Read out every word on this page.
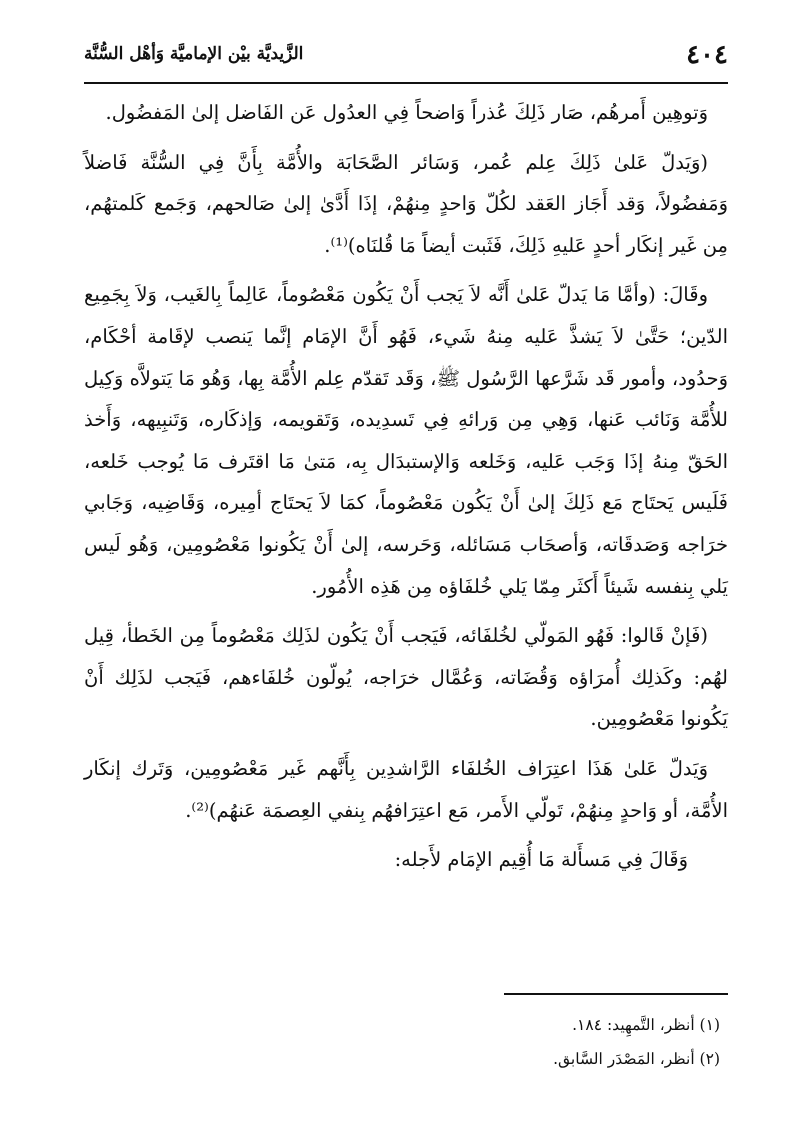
٤٠٤
الزَّيديَّة بيْن الإماميَّة وَأهْل السُّنَّة

وَتوهِين أَمرهُم، صَار ذَلِكَ عُذراً وَاضحاً فِي العدُول عَن الفَاضل إلىٰ المَفضُول.

(وَيَدلّ عَلىٰ ذَلِكَ عِلم عُمر، وَسَائر الصَّحَابَة والأُمَّة بِأَنَّ فِي السُّنَّة فَاضلاً وَمَفضُولاً، وَقد أَجَاز العَقد لكُلّ وَاحدٍ مِنهُمْ، إذَا أَدَّىٰ إلىٰ صَالحهم، وَجَمع كَلمتهُم، مِن غَير إنكَار أحدٍ عَليهِ ذَلِكَ، فَثَبت أيضاً مَا قُلنَاه)⁽¹⁾.

وقَالَ: (وأمَّا مَا يَدلّ عَلىٰ أَنَّه لاَ يَجب أَنْ يَكُون مَعْصُوماً، عَالِماً بِالغَيب، وَلاَ بِجَمِيع الدّين؛ حَتَّىٰ لاَ يَشذَّ عَليه مِنهُ شَيء، فَهُو أَنَّ الإمَام إنَّما يَنصب لإقَامة أحْكَام، وَحدُود، وأمور قَد شَرَّعها الرَّسُول ﷺ، وَقَد تَقدّم عِلم الأُمَّة بِها، وَهُو مَا يَتولاَّه وَكِيل للأُمَّة وَنَائب عَنها، وَهِي مِن وَرائهِ فِي تَسدِيده، وَتَقويمه، وَإذكَاره، وَتَنبِيهه، وَأَخذ الحَقّ مِنهُ إذَا وَجَب عَليه، وَخَلعه وَالإستبدَال بِه، مَتىٰ مَا اقتَرف مَا يُوجب خَلعه، فَلَيس يَحتَاج مَع ذَلِكَ إلىٰ أَنْ يَكُون مَعْصُوماً، كمَا لاَ يَحتَاج أمِيره، وَقَاضِيه، وَجَابي خرَاجه وَصَدقَاته، وَأصحَاب مَسَائله، وَحَرسه، إلىٰ أَنْ يَكُونوا مَعْصُومِين، وَهُو لَيس يَلي بِنفسه شَيئاً أَكثَر مِمّا يَلي خُلفَاؤه مِن هَذِه الأُمُور.

(فَإنْ قَالوا: فَهُو المَولّي لخُلفَائه، فَيَجب أَنْ يَكُون لذَلِك مَعْصُوماً مِن الخَطأ، قِيل لهُم: وكَذلِك أُمرَاؤه وَقُضَاته، وَعُمَّال خرَاجه، يُولّون خُلفَاءهم، فَيَجب لذَلِك أَنْ يَكُونوا مَعْصُومِين.

وَيَدلّ عَلىٰ هَذَا اعتِرَاف الخُلفَاء الرَّاشدِين بِأَنَّهم غَير مَعْصُومِين، وَتَرك إنكَار الأُمَّة، أو وَاحدٍ مِنهُمْ، تَولّي الأَمر، مَع اعتِرَافهُم بِنفي العِصمَة عَنهُم)⁽²⁾.

وَقَالَ فِي مَسأَلة مَا أُقِيم الإمَام لأَجله:

(١) أنظر، التَّمهِيد: ١٨٤.

(٢) أنظر، المَصْدَر السَّابق.
